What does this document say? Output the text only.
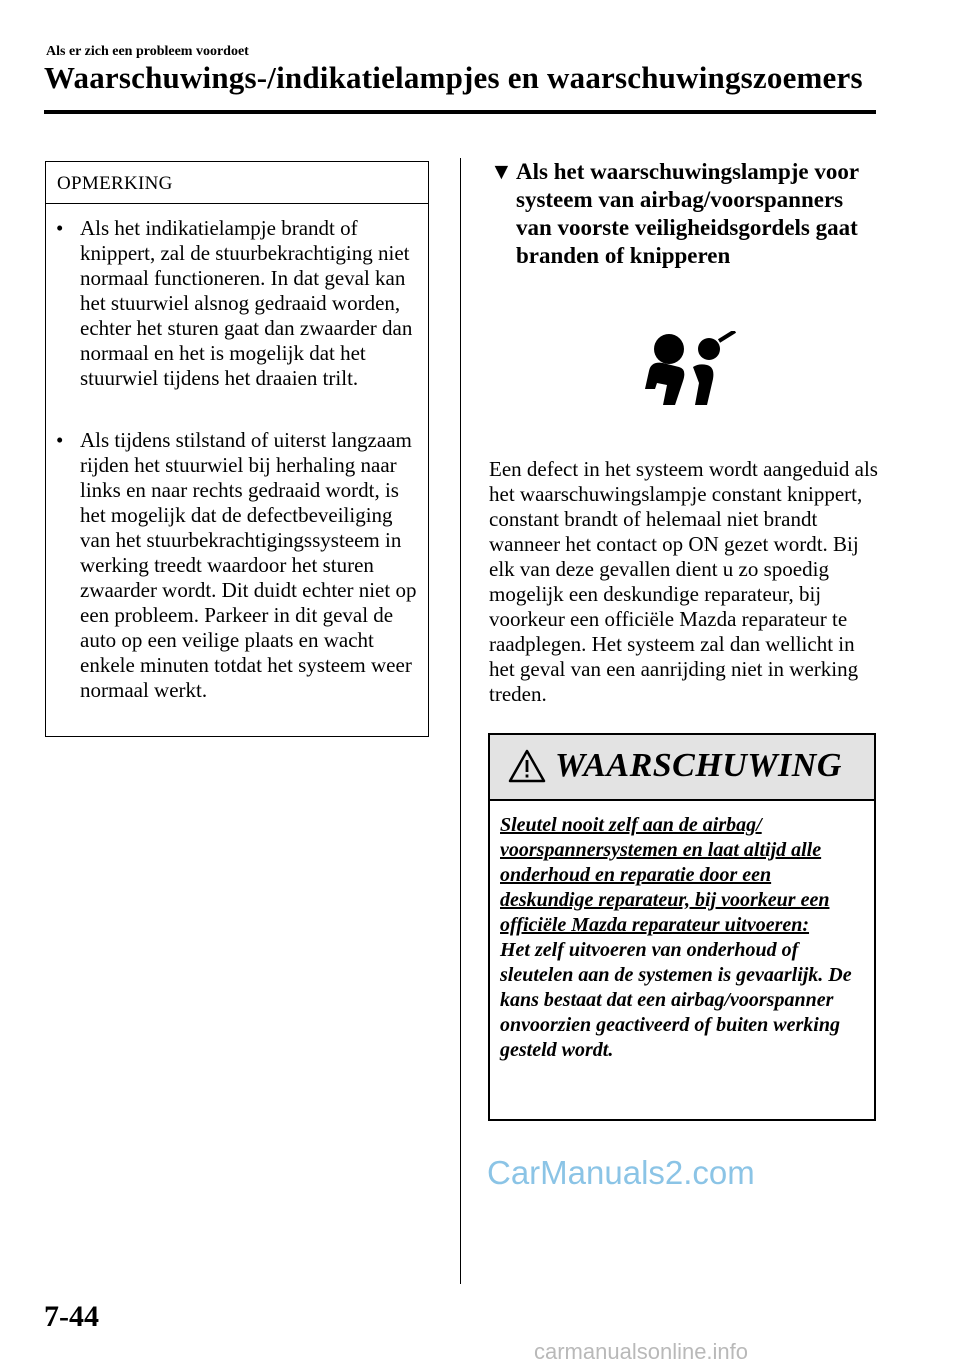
Als er zich een probleem voordoet
Waarschuwings-/indikatielampjes en waarschuwingszoemers
OPMERKING
• Als het indikatielampje brandt of knippert, zal de stuurbekrachtiging niet normaal functioneren. In dat geval kan het stuurwiel alsnog gedraaid worden, echter het sturen gaat dan zwaarder dan normaal en het is mogelijk dat het stuurwiel tijdens het draaien trilt.
• Als tijdens stilstand of uiterst langzaam rijden het stuurwiel bij herhaling naar links en naar rechts gedraaid wordt, is het mogelijk dat de defectbeveiliging van het stuurbekrachtigingssysteem in werking treedt waardoor het sturen zwaarder wordt. Dit duidt echter niet op een probleem. Parkeer in dit geval de auto op een veilige plaats en wacht enkele minuten totdat het systeem weer normaal werkt.
▼ Als het waarschuwingslampje voor systeem van airbag/voorspanners van voorste veiligheidsgordels gaat branden of knipperen
Een defect in het systeem wordt aangeduid als het waarschuwingslampje constant knippert, constant brandt of helemaal niet brandt wanneer het contact op ON gezet wordt. Bij elk van deze gevallen dient u zo spoedig mogelijk een deskundige reparateur, bij voorkeur een officiële Mazda reparateur te raadplegen. Het systeem zal dan wellicht in het geval van een aanrijding niet in werking treden.
WAARSCHUWING
Sleutel nooit zelf aan de airbag/ voorspannersystemen en laat altijd alle onderhoud en reparatie door een deskundige reparateur, bij voorkeur een officiële Mazda reparateur uitvoeren:
Het zelf uitvoeren van onderhoud of sleutelen aan de systemen is gevaarlijk. De kans bestaat dat een airbag/voorspanner onvoorzien geactiveerd of buiten werking gesteld wordt.
CarManuals2.com
7-44
carmanualsonline.info
